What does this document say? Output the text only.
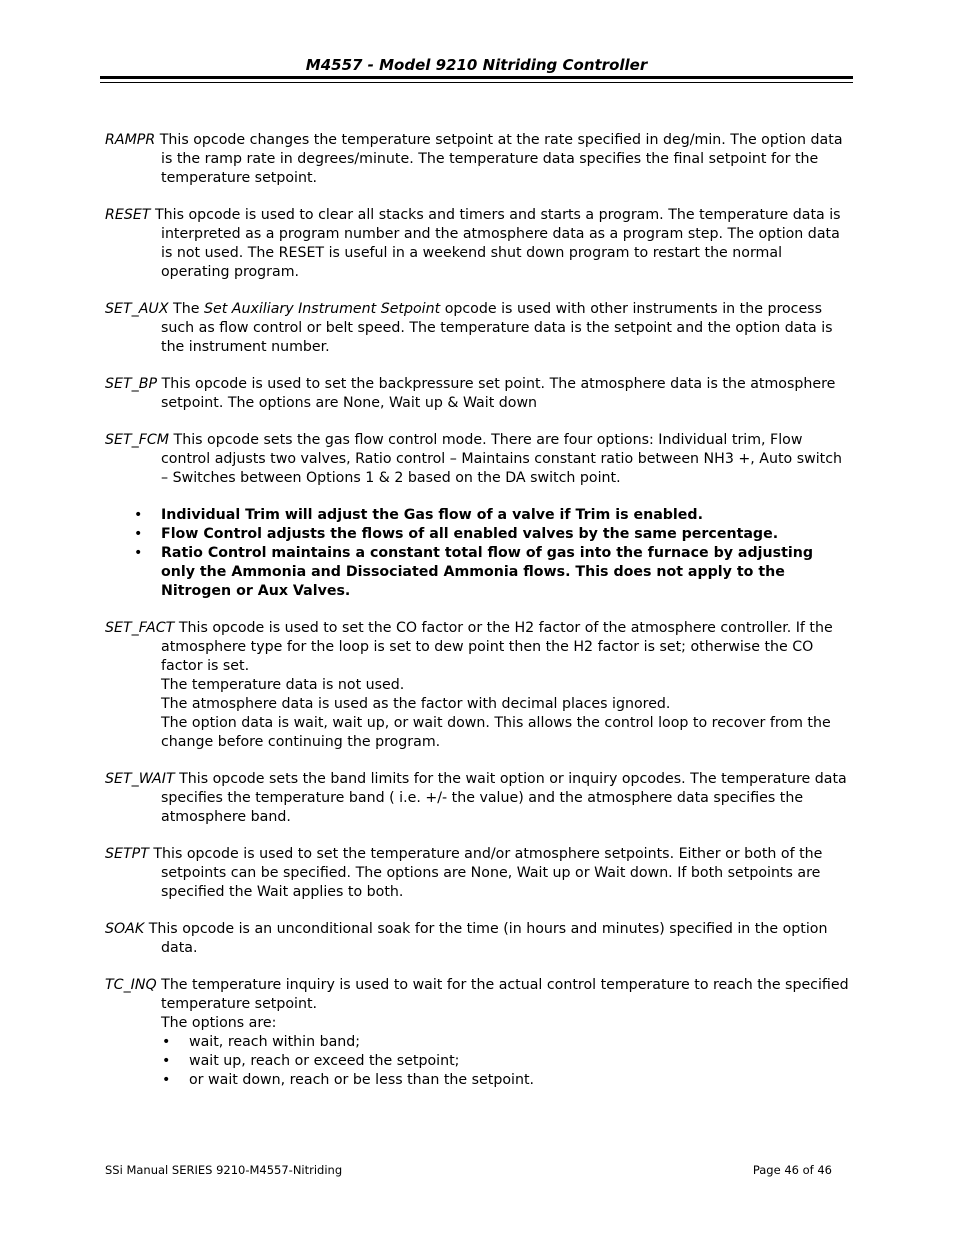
M4557 - Model 9210 Nitriding Controller

RAMPR This opcode changes the temperature setpoint at the rate specified in deg/min. The option data is the ramp rate in degrees/minute. The temperature data specifies the final setpoint for the temperature setpoint.

RESET This opcode is used to clear all stacks and timers and starts a program. The temperature data is interpreted as a program number and the atmosphere data as a program step. The option data is not used. The RESET is useful in a weekend shut down program to restart the normal operating program.

SET_AUX The Set Auxiliary Instrument Setpoint opcode is used with other instruments in the process such as flow control or belt speed. The temperature data is the setpoint and the option data is the instrument number.

SET_BP This opcode is used to set the backpressure set point. The atmosphere data is the atmosphere setpoint. The options are None, Wait up & Wait down

SET_FCM This opcode sets the gas flow control mode. There are four options: Individual trim, Flow control adjusts two valves, Ratio control – Maintains constant ratio between NH3 +, Auto switch – Switches between Options 1 & 2 based on the DA switch point.

• Individual Trim will adjust the Gas flow of a valve if Trim is enabled.
• Flow Control adjusts the flows of all enabled valves by the same percentage.
• Ratio Control maintains a constant total flow of gas into the furnace by adjusting only the Ammonia and Dissociated Ammonia flows. This does not apply to the Nitrogen or Aux Valves.
SET_FACT This opcode is used to set the CO factor or the H2 factor of the atmosphere controller. If the atmosphere type for the loop is set to dew point then the H2 factor is set; otherwise the CO factor is set.
The temperature data is not used.
The atmosphere data is used as the factor with decimal places ignored.
The option data is wait, wait up, or wait down. This allows the control loop to recover from the change before continuing the program.

SET_WAIT This opcode sets the band limits for the wait option or inquiry opcodes. The temperature data specifies the temperature band ( i.e. +/- the value) and the atmosphere data specifies the atmosphere band.

SETPT This opcode is used to set the temperature and/or atmosphere setpoints. Either or both of the setpoints can be specified. The options are None, Wait up or Wait down. If both setpoints are specified the Wait applies to both.

SOAK This opcode is an unconditional soak for the time (in hours and minutes) specified in the option data.

TC_INQ The temperature inquiry is used to wait for the actual control temperature to reach the specified temperature setpoint.
The options are:
• wait, reach within band;
• wait up, reach or exceed the setpoint;
• or wait down, reach or be less than the setpoint.
SSi Manual SERIES 9210-M4557-Nitriding	Page 46 of 46
